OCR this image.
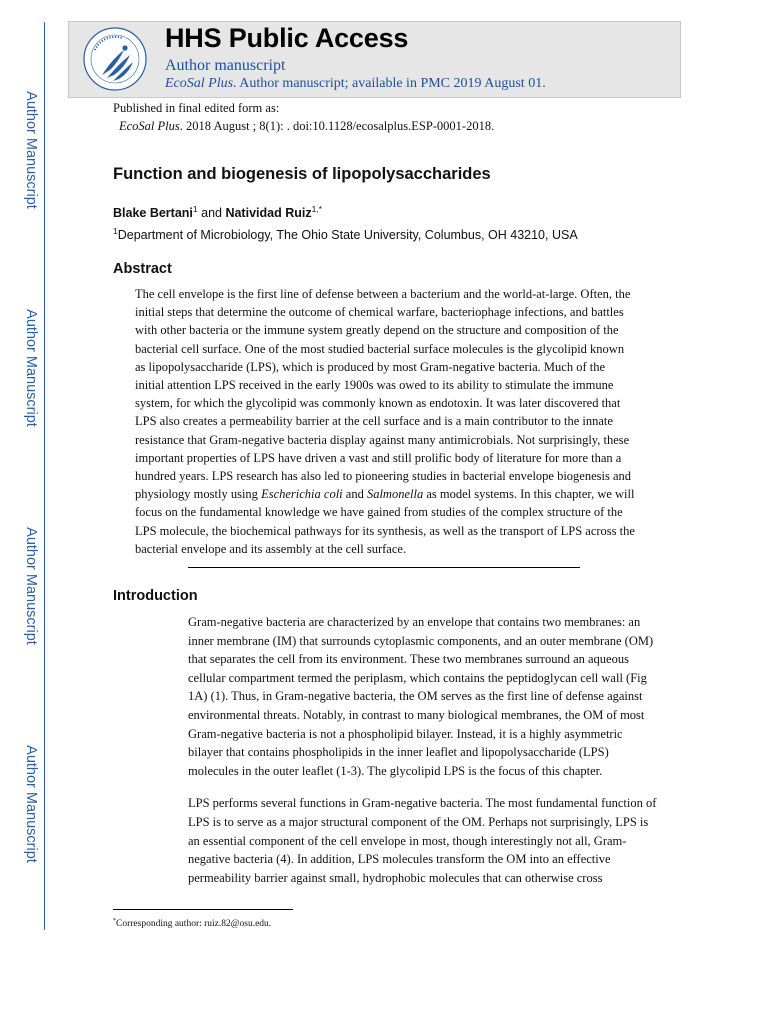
Author Manuscript
Author Manuscript
Author Manuscript
Author Manuscript
HHS Public Access
Author manuscript
EcoSal Plus. Author manuscript; available in PMC 2019 August 01.
Published in final edited form as:
EcoSal Plus. 2018 August ; 8(1): . doi:10.1128/ecosalplus.ESP-0001-2018.
Function and biogenesis of lipopolysaccharides
Blake Bertani$^1$ and Natividad Ruiz$^{1,*}$
$^1$Department of Microbiology, The Ohio State University, Columbus, OH 43210, USA
Abstract

The cell envelope is the first line of defense between a bacterium and the world-at-large. Often, the initial steps that determine the outcome of chemical warfare, bacteriophage infections, and battles with other bacteria or the immune system greatly depend on the structure and composition of the bacterial cell surface. One of the most studied bacterial surface molecules is the glycolipid known as lipopolysaccharide (LPS), which is produced by most Gram-negative bacteria. Much of the initial attention LPS received in the early 1900s was owed to its ability to stimulate the immune system, for which the glycolipid was commonly known as endotoxin. It was later discovered that LPS also creates a permeability barrier at the cell surface and is a main contributor to the innate resistance that Gram-negative bacteria display against many antimicrobials. Not surprisingly, these important properties of LPS have driven a vast and still prolific body of literature for more than a hundred years. LPS research has also led to pioneering studies in bacterial envelope biogenesis and physiology mostly using Escherichia coli and Salmonella as model systems. In this chapter, we will focus on the fundamental knowledge we have gained from studies of the complex structure of the LPS molecule, the biochemical pathways for its synthesis, as well as the transport of LPS across the bacterial envelope and its assembly at the cell surface.

Introduction

Gram-negative bacteria are characterized by an envelope that contains two membranes: an inner membrane (IM) that surrounds cytoplasmic components, and an outer membrane (OM) that separates the cell from its environment. These two membranes surround an aqueous cellular compartment termed the periplasm, which contains the peptidoglycan cell wall (Fig 1A) (1). Thus, in Gram-negative bacteria, the OM serves as the first line of defense against environmental threats. Notably, in contrast to many biological membranes, the OM of most Gram-negative bacteria is not a phospholipid bilayer. Instead, it is a highly asymmetric bilayer that contains phospholipids in the inner leaflet and lipopolysaccharide (LPS) molecules in the outer leaflet (1-3). The glycolipid LPS is the focus of this chapter.

LPS performs several functions in Gram-negative bacteria. The most fundamental function of LPS is to serve as a major structural component of the OM. Perhaps not surprisingly, LPS is an essential component of the cell envelope in most, though interestingly not all, Gram-negative bacteria (4). In addition, LPS molecules transform the OM into an effective permeability barrier against small, hydrophobic molecules that can otherwise cross

*Corresponding author: ruiz.82@osu.edu.
